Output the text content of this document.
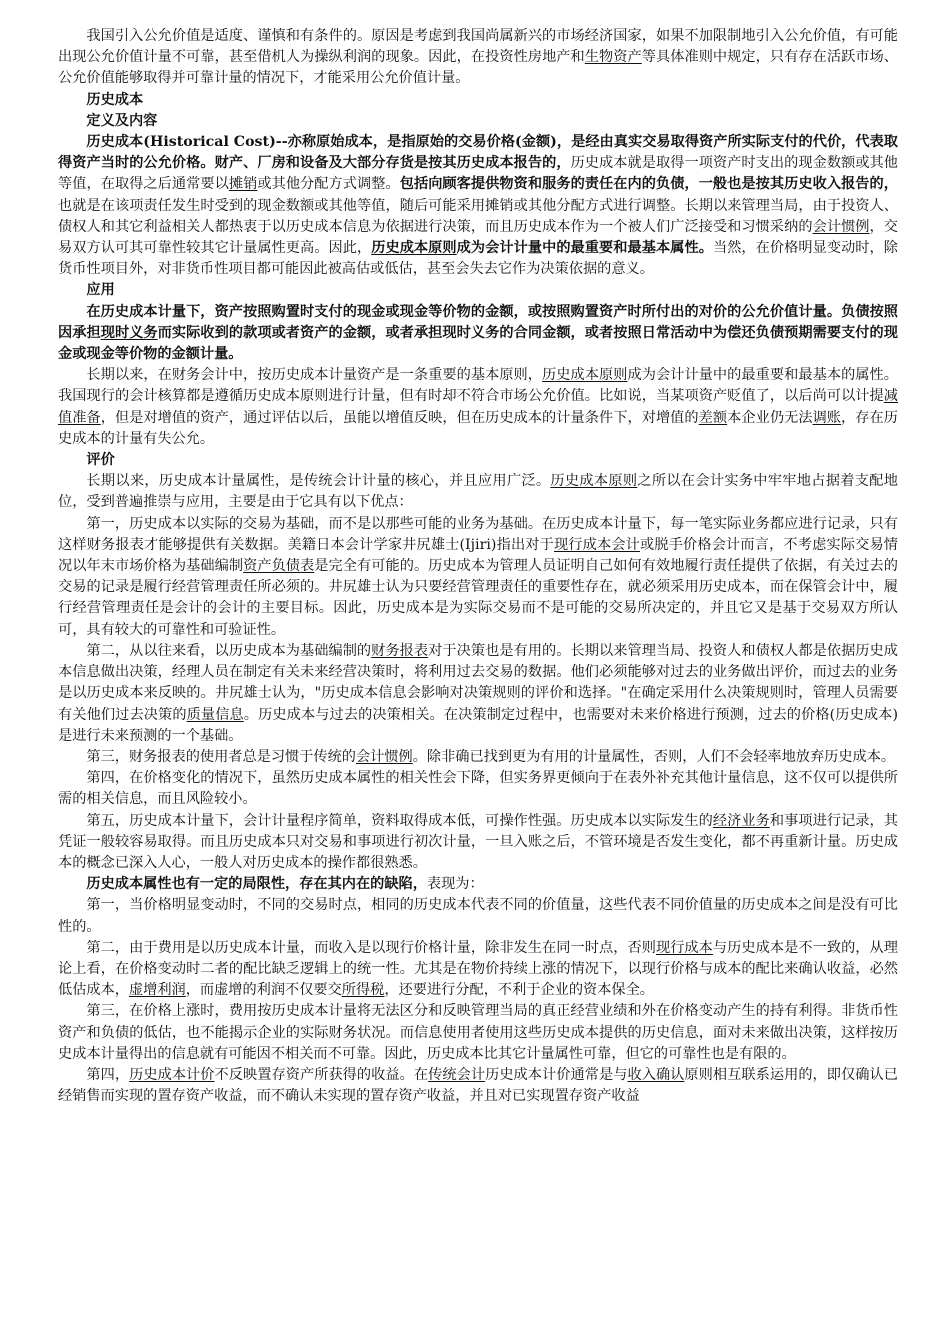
我国引入公允价值是适度、谨慎和有条件的。原因是考虑到我国尚属新兴的市场经济国家，如果不加限制地引入公允价值，有可能出现公允价值计量不可靠，甚至借机人为操纵利润的现象。因此，在投资性房地产和生物资产等具体准则中规定，只有存在活跃市场、公允价值能够取得并可靠计量的情况下，才能采用公允价值计量。

历史成本

定义及内容

历史成本(Historical Cost)--亦称原始成本，是指原始的交易价格(金额)，是经由真实交易取得资产所实际支付的代价，代表取得资产当时的公允价格。财产、厂房和设备及大部分存货是按其历史成本报告的，历史成本就是取得一项资产时支出的现金数额或其他等值，在取得之后通常要以摊销或其他分配方式调整。包括向顾客提供物资和服务的责任在内的负债，一般也是按其历史收入报告的，也就是在该项责任发生时受到的现金数额或其他等值，随后可能采用摊销或其他分配方式进行调整。长期以来管理当局，由于投资人、债权人和其它利益相关人都热衷于以历史成本信息为依据进行决策，而且历史成本作为一个被人们广泛接受和习惯采纳的会计惯例，交易双方认可其可靠性较其它计量属性更高。因此，历史成本原则成为会计计量中的最重要和最基本属性。当然，在价格明显变动时，除货币性项目外，对非货币性项目都可能因此被高估或低估，甚至会失去它作为决策依据的意义。

应用

在历史成本计量下，资产按照购置时支付的现金或现金等价物的金额，或按照购置资产时所付出的对价的公允价值计量。负债按照因承担现时义务而实际收到的款项或者资产的金额，或者承担现时义务的合同金额，或者按照日常活动中为偿还负债预期需要支付的现金或现金等价物的金额计量。

长期以来，在财务会计中，按历史成本计量资产是一条重要的基本原则，历史成本原则成为会计计量中的最重要和最基本的属性。我国现行的会计核算都是遵循历史成本原则进行计量，但有时却不符合市场公允价值。比如说，当某项资产贬值了，以后尚可以计提减值准备，但是对增值的资产，通过评估以后，虽能以增值反映，但在历史成本的计量条件下，对增值的差额本企业仍无法调账，存在历史成本的计量有失公允。

评价

长期以来，历史成本计量属性，是传统会计计量的核心，并且应用广泛。历史成本原则之所以在会计实务中牢牢地占据着支配地位，受到普遍推崇与应用，主要是由于它具有以下优点：

第一，历史成本以实际的交易为基础，而不是以那些可能的业务为基础。在历史成本计量下，每一笔实际业务都应进行记录，只有这样财务报表才能够提供有关数据。美籍日本会计学家井尻雄士(Ijiri)指出对于现行成本会计或脱手价格会计而言，不考虑实际交易情况以年末市场价格为基础编制资产负债表是完全有可能的。历史成本为管理人员证明自己如何有效地履行责任提供了依据，有关过去的交易的记录是履行经营管理责任所必须的。井尻雄士认为只要经营管理责任的重要性存在，就必须采用历史成本，而在保管会计中，履行经营管理责任是会计的会计的主要目标。因此，历史成本是为实际交易而不是可能的交易所决定的，并且它又是基于交易双方所认可，具有较大的可靠性和可验证性。

第二，从以往来看，以历史成本为基础编制的财务报表对于决策也是有用的。长期以来管理当局、投资人和债权人都是依据历史成本信息做出决策，经理人员在制定有关未来经营决策时，将利用过去交易的数据。他们必须能够对过去的业务做出评价，而过去的业务是以历史成本来反映的。井尻雄士认为，"历史成本信息会影响对决策规则的评价和选择。"在确定采用什么决策规则时，管理人员需要有关他们过去决策的质量信息。历史成本与过去的决策相关。在决策制定过程中，也需要对未来价格进行预测，过去的价格(历史成本)是进行未来预测的一个基础。

第三，财务报表的使用者总是习惯于传统的会计惯例。除非确已找到更为有用的计量属性，否则，人们不会轻率地放弃历史成本。

第四，在价格变化的情况下，虽然历史成本属性的相关性会下降，但实务界更倾向于在表外补充其他计量信息，这不仅可以提供所需的相关信息，而且风险较小。

第五，历史成本计量下，会计计量程序简单，资料取得成本低，可操作性强。历史成本以实际发生的经济业务和事项进行记录，其凭证一般较容易取得。而且历史成本只对交易和事项进行初次计量，一旦入账之后，不管环境是否发生变化，都不再重新计量。历史成本的概念已深入人心，一般人对历史成本的操作都很熟悉。

历史成本属性也有一定的局限性，存在其内在的缺陷，表现为：

第一，当价格明显变动时，不同的交易时点，相同的历史成本代表不同的价值量，这些代表不同价值量的历史成本之间是没有可比性的。

第二，由于费用是以历史成本计量，而收入是以现行价格计量，除非发生在同一时点，否则现行成本与历史成本是不一致的，从理论上看，在价格变动时二者的配比缺乏逻辑上的统一性。尤其是在物价持续上涨的情况下，以现行价格与成本的配比来确认收益，必然低估成本，虚增利润，而虚增的利润不仅要交所得税，还要进行分配，不利于企业的资本保全。

第三，在价格上涨时，费用按历史成本计量将无法区分和反映管理当局的真正经营业绩和外在价格变动产生的持有利得。非货币性资产和负债的低估，也不能揭示企业的实际财务状况。而信息使用者使用这些历史成本提供的历史信息，面对未来做出决策，这样按历史成本计量得出的信息就有可能因不相关而不可靠。因此，历史成本比其它计量属性可靠，但它的可靠性也是有限的。

第四，历史成本计价不反映置存资产所获得的收益。在传统会计历史成本计价通常是与收入确认原则相互联系运用的，即仅确认已经销售而实现的置存资产收益，而不确认未实现的置存资产收益，并且对已实现置存资产收益
